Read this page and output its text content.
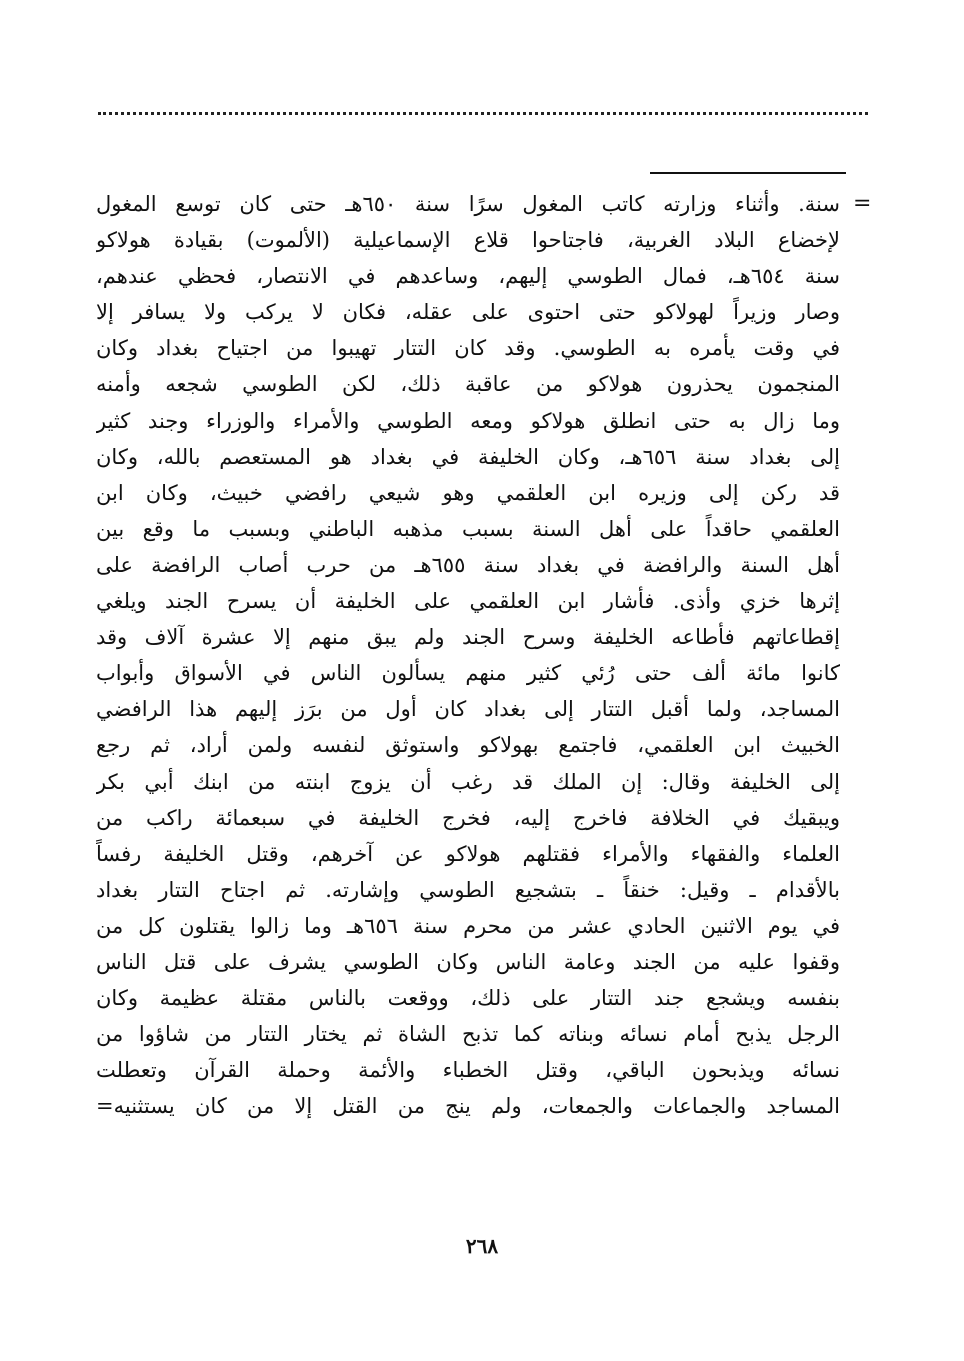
=
سنة. وأثناء وزارته كاتب المغول سرًا سنة ٦٥٠هـ حتى كان توسع المغول
لإخضاع البلاد الغربية، فاجتاحوا قلاع الإسماعيلية (الألموت) بقيادة هولاكو
سنة ٦٥٤هـ، فمال الطوسي إليهم، وساعدهم في الانتصار، فحظي عندهم،
وصار وزيراً لهولاكو حتى احتوى على عقله، فكان لا يركب ولا يسافر إلا
في وقت يأمره به الطوسي. وقد كان التتار تهيبوا من اجتياح بغداد وكان
المنجمون يحذرون هولاكو من عاقبة ذلك، لكن الطوسي شجعه وأمنه
وما زال به حتى انطلق هولاكو ومعه الطوسي والأمراء والوزراء وجند كثير
إلى بغداد سنة ٦٥٦هـ، وكان الخليفة في بغداد هو المستعصم بالله، وكان
قد ركن إلى وزيره ابن العلقمي وهو شيعي رافضي خبيث، وكان ابن
العلقمي حاقداً على أهل السنة بسبب مذهبه الباطني وبسبب ما وقع بين
أهل السنة والرافضة في بغداد سنة ٦٥٥هـ من حرب أصاب الرافضة على
إثرها خزي وأذى. فأشار ابن العلقمي على الخليفة أن يسرح الجند ويلغي
إقطاعاتهم فأطاعه الخليفة وسرح الجند ولم يبق منهم إلا عشرة آلاف وقد
كانوا مائة ألف حتى رُئي كثير منهم يسألون الناس في الأسواق وأبواب
المساجد، ولما أقبل التتار إلى بغداد كان أول من برَز إليهم هذا الرافضي
الخبيث ابن العلقمي، فاجتمع بهولاكو واستوثق لنفسه ولمن أراد، ثم رجع
إلى الخليفة وقال: إن الملك قد رغب أن يزوج ابنته من ابنك أبي بكر
ويبقيك في الخلافة فاخرج إليه، فخرج الخليفة في سبعمائة راكب من
العلماء والفقهاء والأمراء فقتلهم هولاكو عن آخرهم، وقتل الخليفة رفساً
بالأقدام ـ وقيل: خنقاً ـ بتشجيع الطوسي وإشارته. ثم اجتاح التتار بغداد
في يوم الاثنين الحادي عشر من محرم سنة ٦٥٦هـ وما زالوا يقتلون كل من
وقفوا عليه من الجند وعامة الناس وكان الطوسي يشرف على قتل الناس
بنفسه ويشجع جند التتار على ذلك، ووقعت بالناس مقتلة عظيمة وكان
الرجل يذبح أمام نسائه وبناته كما تذبح الشاة ثم يختار التتار من شاؤوا من
نسائه ويذبحون الباقي، وقتل الخطباء والأئمة وحملة القرآن وتعطلت
المساجد والجماعات والجمعات، ولم ينج من القتل إلا من كان يستثنيه=
٢٦٨
